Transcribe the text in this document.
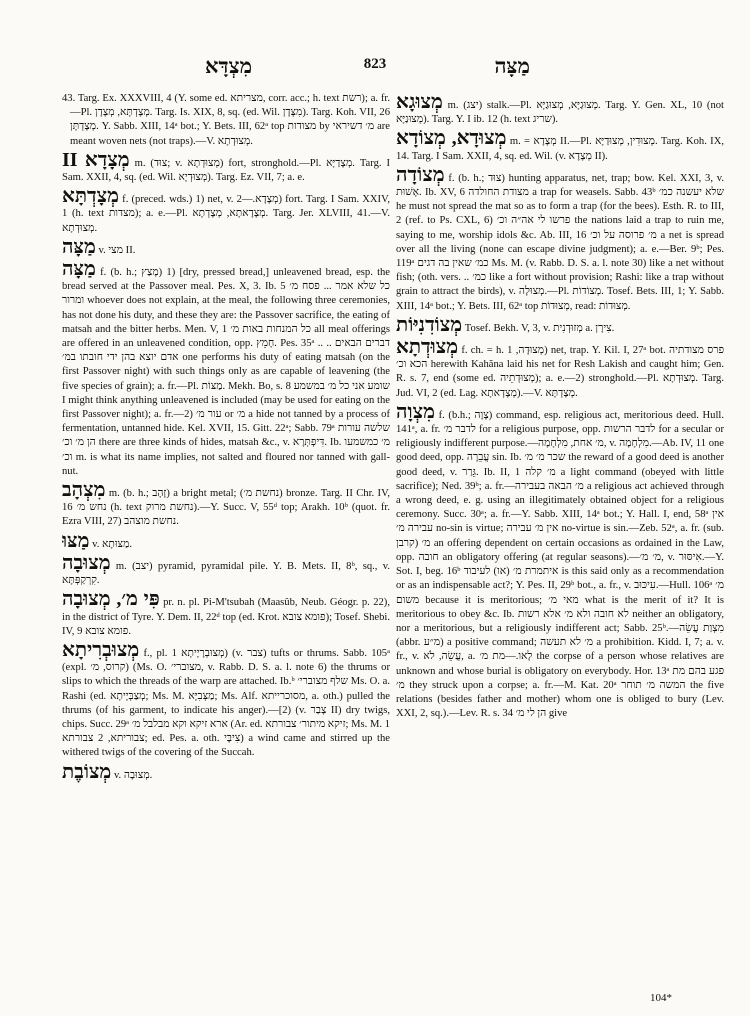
מִצְדָּא	823	מַצָּה

43. Targ. Ex. XXXVIII, 4 (Y. some ed. מצריתא, corr. acc.; h. text רשת); a. fr.—Pl. מְצָדְתָּא, מְצָדָן. Targ. Is. XIX, 8, sq. (ed. Wil. מִצְּדָן). Targ. Koh. VII, 26 מְצָדְתָּן. Y. Sabb. XIII, 14ᵃ bot.; Y. Bets. III, 62ᵃ top מצודות by מ׳ דשיראי are meant woven nets (not traps).—V. מְצוּדְתָא.

מְצָדָא II m. (צוּד; v. מְצוּדְתָא) fort, stronghold.—Pl. מְצָדַיָּא. Targ. I Sam. XXII, 4, sq. (ed. Wil. מְצוּדְיָא). Targ. Ez. VII, 7; a. e.

מְצָדְתָּא f. (preced. wds.) 1) net, v. מְצָדָא.—2) fort. Targ. I Sam. XXIV, 1 (h. text מצדות); a. e.—Pl. מְצָדָאתָא, מְצָדְתָא. Targ. Jer. XLVIII, 41.—V. מְצוּדְתָא.

מַצָּה v. מצי II.

מַצָּה f. (b. h.; מָצַץ) 1) [dry, pressed bread,] unleavened bread, esp. the bread served at the Passover meal. Pes. X, 3. Ib. 5 כל שלא אמר ... פסח מ׳ ומרור whoever does not explain, at the meal, the following three ceremonies, has not done his duty, and these they are: the Passover sacrifice, the eating of matsah and the bitter herbs. Men. V, 1 כל המנחות באות מ׳ all meal offerings are offered in an unleavened condition, opp. חָמֵץ. Pes. 35ᵃ .. דברים הבאים .. אדם יוצא בהן ידי חובתו במ׳ one performs his duty of eating matsah (on the first Passover night) with such things only as are capable of leavening (the five species of grain); a. fr.—Pl. מַצּוֹת. Mekh. Bo, s. 8 שומע אני כל מ׳ במשמע I might think anything unleavened is included (may be used for eating on the first Passover night); a. fr.—2) עור מ׳ or מ׳ a hide not tanned by a process of fermentation, untanned hide. Kel. XVII, 15. Gitt. 22ᵃ; Sabb. 79ᵃ שלשה עורות הן מ׳ וכ׳ there are three kinds of hides, matsah &c., v. דִּיפְתְּרָא. Ib. מ׳ כמשמעו וכ׳ m. is what its name implies, not salted and floured nor tanned with gall-nut.

מִצְהָב m. (b. h.; זָהָב) a bright metal; (נחשת מ׳) bronze. Targ. II Chr. IV, 16 נחש מ׳ (h. text נחשת מרוק).—Y. Succ. V, 55ᵈ top; Arakh. 10ᵇ (quot. fr. Ezra VIII, 27) נחשת מוצהב.

מַצּוּ v. מַצּוּתָא.

מְצוּבָה m. (יצב) pyramid, pyramidal pile. Y. B. Mets. II, 8ᵇ, sq., v. קִרְקַפְּתָּא.

פִּי מ׳, מְצוּבָה pr. n. pl. Pi-M'tsubah (Maasûb, Neub. Géogr. p. 22), in the district of Tyre. Y. Dem. II, 22ᵈ top (ed. Krot. פומא צובא); Tosef. Shebi. IV, 9 פומא צובא.

מְצוּבְרִיתָא f., pl. מְצוּבְרָיָיתָא 1) (v. צבר) tufts or thrums. Sabb. 105ᵃ (expl. קרוס, מ׳) (Ms. O. מצוברי׳, v. Rabb. D. S. a. l. note 6) the thrums or slips to which the threads of the warp are attached. Ib.ᵇ שלף מצוברי׳ Ms. O. a. Rashi (ed. מְצַבְּיָיתָא; Ms. M. מַצְּבִיָּא; Ms. Alf. מסוכרייתא, a. oth.) pulled the thrums (of his garment, to indicate his anger).—[2) (v. צָבַר II) dry twigs, chips. Succ. 29ᵃ ארא זיקא וקא מבלבל מ׳ (Ar. ed. זיקא מיתור׳ צבורתא; Ms. M. 1 צבוריתא, 2 צבורתא; ed. Pes. a. oth. צִיבָּי) a wind came and stirred up the withered twigs of the covering of the Succah.

מְצוֹבֶת v. מְצוּבָה.

מְצוּגָא m. (יצג) stalk.—Pl. מְצוּגַיָּא, מְצוּגַיָּא. Targ. Y. Gen. XL, 10 (not מְצוּנַיָּא). Targ. Y. I ib. 12 (h. text שריג).

מְצוּדָא, מְצוֹדָא m. = מְצָדָא II.—Pl. מְצוּדִין, מְצוּדַיָּא. Targ. Koh. IX, 14. Targ. I Sam. XXII, 4, sq. ed. Wil. (v. מְצָדָא II).

מְצוֹדָה f. (b. h.; צוּד) hunting apparatus, net, trap; bow. Kel. XXI, 3, v. אָשׁוּת. Ib. XV, 6 מצודת החולדה a trap for weasels. Sabb. 43ᵇ שלא יעשנה כמ׳ he must not spread the mat so as to form a trap (for the bees). Esth. R. to III, 2 (ref. to Ps. CXL, 6) פרשו לי אה״ה וכ׳ the nations laid a trap to ruin me, saying to me, worship idols &c. Ab. III, 16 מ׳ פרוסה על וכ׳ a net is spread over all the living (none can escape divine judgment); a. e.—Ber. 9ᵇ; Pes. 119ᵃ כמ׳ שאין בה דגים Ms. M. (v. Rabb. D. S. a. l. note 30) like a net without fish; (oth. vers. .. כמ׳ like a fort without provision; Rashi: like a trap without grain to attract the birds), v. מְצוּלָה.—Pl. מְצוֹדוֹת. Tosef. Bets. III, 1; Y. Sabb. XIII, 14ᵃ bot.; Y. Bets. III, 62ᵃ top מְצוּדוֹת, read: מְצוּדוֹת.

מְצוֹדִנִיּוֹת Tosef. Bekh. V, 3, v. מְזוּדְנִית a. צִירָן.

מְצוּדְתָא f. ch. = h. מְצוּדָה, 1) net, trap. Y. Kil. I, 27ᵃ bot. פרס מצודתיה הכא וכ׳ herewith Kahăna laid his net for Resh Lakish and caught him; Gen. R. s. 7, end (some ed. מְצוּדְתֵיה); a. e.—2) stronghold.—Pl. מְצוּדְתָא. Targ. Jud. VI, 2 (ed. Lag. מְצָדְאתָא).—V. מְצָדְתָּא.

מִצְוָה f. (b.h.; צָוָה) command, esp. religious act, meritorious deed. Hull. 141ᵃ, a. fr. לדבר מ׳ for a religious purpose, opp. לדבר הרשות for a secular or religiously indifferent purpose.—מ׳ אחת, מִלְחָמָה, v. מִלְחָמָה.—Ab. IV, 11 one good deed, opp. עֲבֵרָה sin. Ib. שכר מ׳ מ׳ the reward of a good deed is another good deed, v. גֵּרַר. Ib. II, 1 מ׳ קלה a light command (obeyed with little sacrifice); Ned. 39ᵇ; a. fr.—מ׳ הבאה בעבירה a religious act achieved through a wrong deed, e. g. using an illegitimately obtained object for a religious ceremony. Succ. 30ᵃ; a. fr.—Y. Sabb. XIII, 14ᵃ bot.; Y. Hall. I, end, 58ᵃ אין עבירה מ׳ no-sin is virtue; אין מ׳ עבירה no-virtue is sin.—Zeb. 52ᵃ, a. fr. (sub. קרבן) מ׳ an offering dependent on certain occasions as ordained in the Law, opp. חובה an obligatory offering (at regular seasons).—מ׳ מ׳, v. אִיסּוּר.—Y. Sot. I, beg. 16ᵇ איתמרת מ׳ (או) לעיבוד is this said only as a recommendation or as an indispensable act?; Y. Pes. II, 29ᵇ bot., a. fr., v. עִיכּוּב.—Hull. 106ᵃ מ׳ משום because it is meritorious; מאי מ׳ what is the merit of it? It is meritorious to obey &c. Ib. לא חובה ולא מ׳ אלא רשות neither an obligatory, nor a meritorious, but a religiously indifferent act; Sabb. 25ᵇ.—מִצְוַת עֲשֵׂה (abbr. מ״ע) a positive command; מ׳ לא תעשה a prohibition. Kidd. I, 7; a. v. fr., v. עֲשֵׂה, לֹא, a. לָאו.—מת מ׳ the corpse of a person whose relatives are unknown and whose burial is obligatory on everybody. Hor. 13ᵃ פגע בהם מת מ׳ they struck upon a corpse; a. fr.—M. Kat. 20ᵃ המשה מ׳ תוחר the five relations (besides father and mother) whom one is obliged to bury (Lev. XXI, 2, sq.).—Lev. R. s. 34 הן לי מ׳ give

104*
